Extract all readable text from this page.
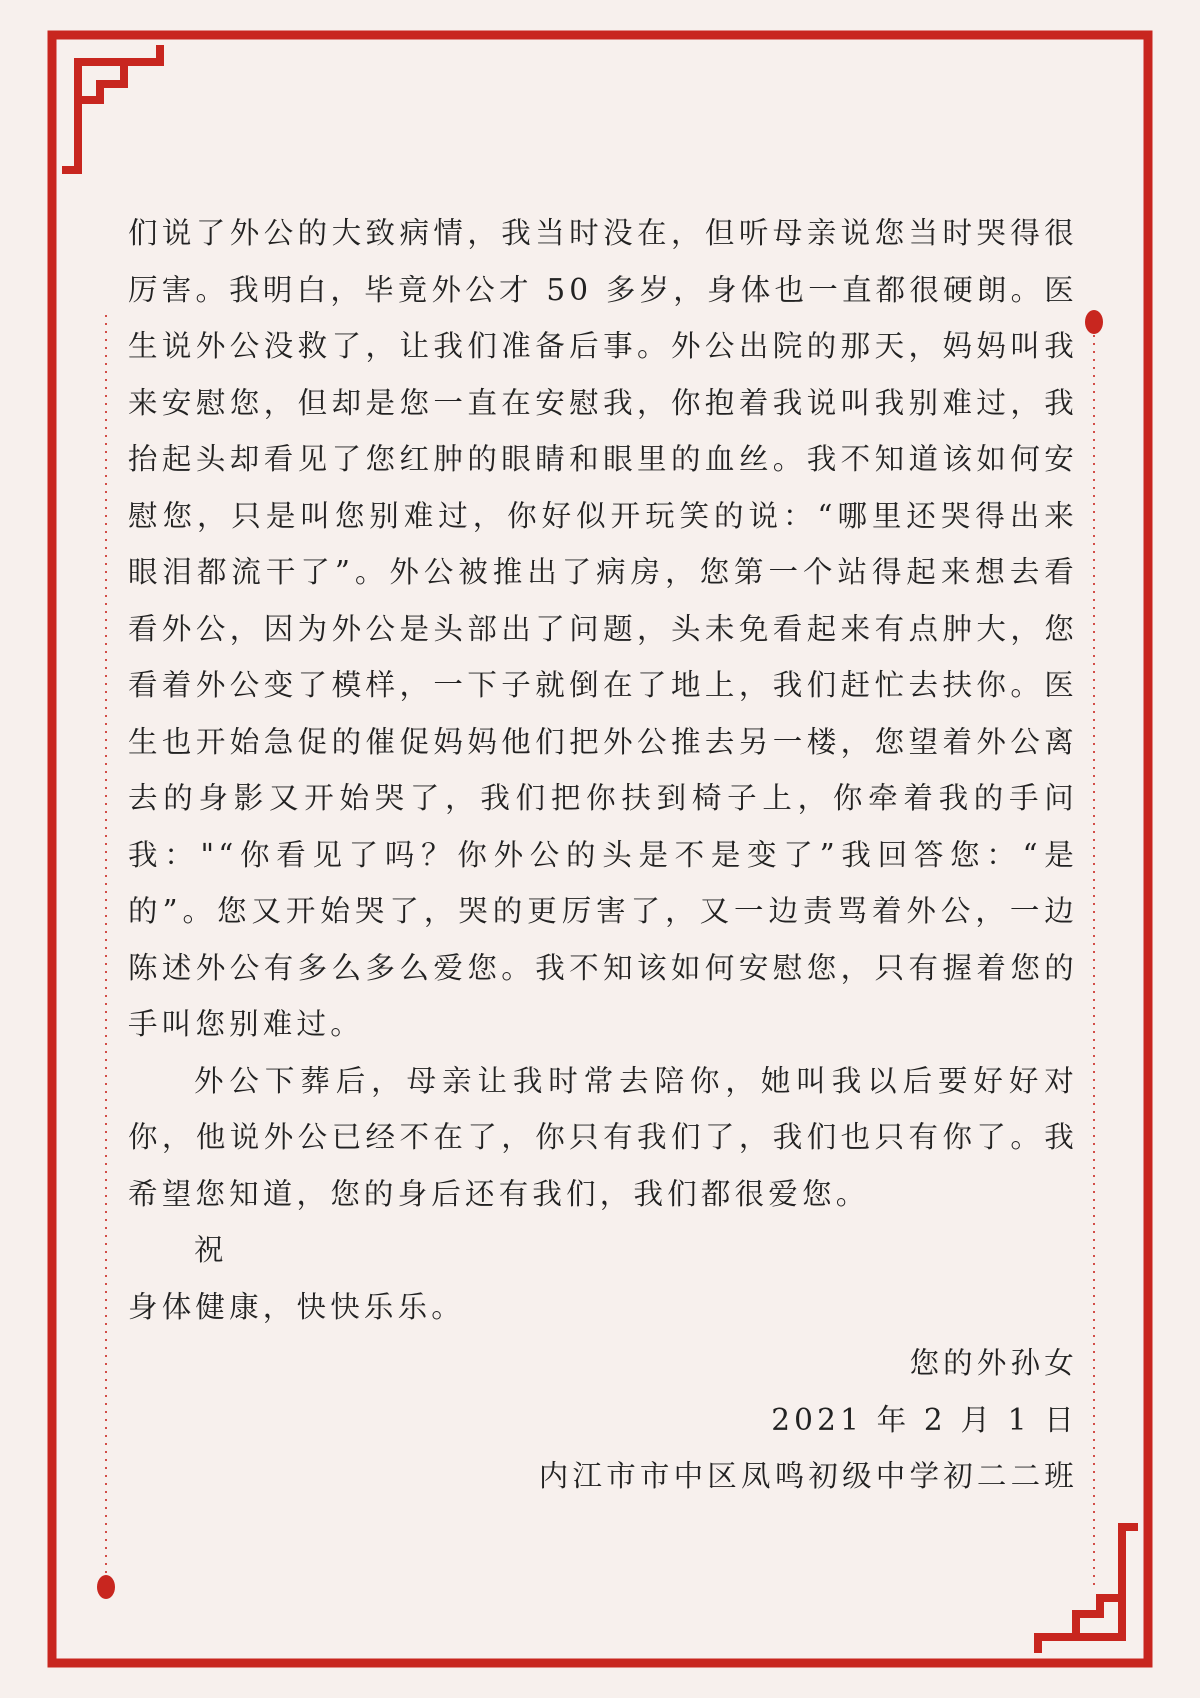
们说了外公的大致病情，我当时没在，但听母亲说您当时哭得很厉害。我明白，毕竟外公才 50 多岁，身体也一直都很硬朗。医生说外公没救了，让我们准备后事。外公出院的那天，妈妈叫我来安慰您，但却是您一直在安慰我，你抱着我说叫我别难过，我抬起头却看见了您红肿的眼睛和眼里的血丝。我不知道该如何安慰您，只是叫您别难过，你好似开玩笑的说：“哪里还哭得出来眼泪都流干了”。外公被推出了病房，您第一个站得起来想去看看外公，因为外公是头部出了问题，头未免看起来有点肿大，您看着外公变了模样，一下子就倒在了地上，我们赶忙去扶你。医生也开始急促的催促妈妈他们把外公推去另一楼，您望着外公离去的身影又开始哭了，我们把你扶到椅子上，你牵着我的手问我："“你看见了吗？你外公的头是不是变了”我回答您：“是的”。您又开始哭了，哭的更厉害了，又一边责骂着外公，一边陈述外公有多么多么爱您。我不知该如何安慰您，只有握着您的手叫您别难过。

外公下葬后，母亲让我时常去陪你，她叫我以后要好好对你，他说外公已经不在了，你只有我们了，我们也只有你了。我希望您知道，您的身后还有我们，我们都很爱您。

祝

身体健康，快快乐乐。

您的外孙女

2021 年 2 月 1 日

内江市市中区凤鸣初级中学初二二班
